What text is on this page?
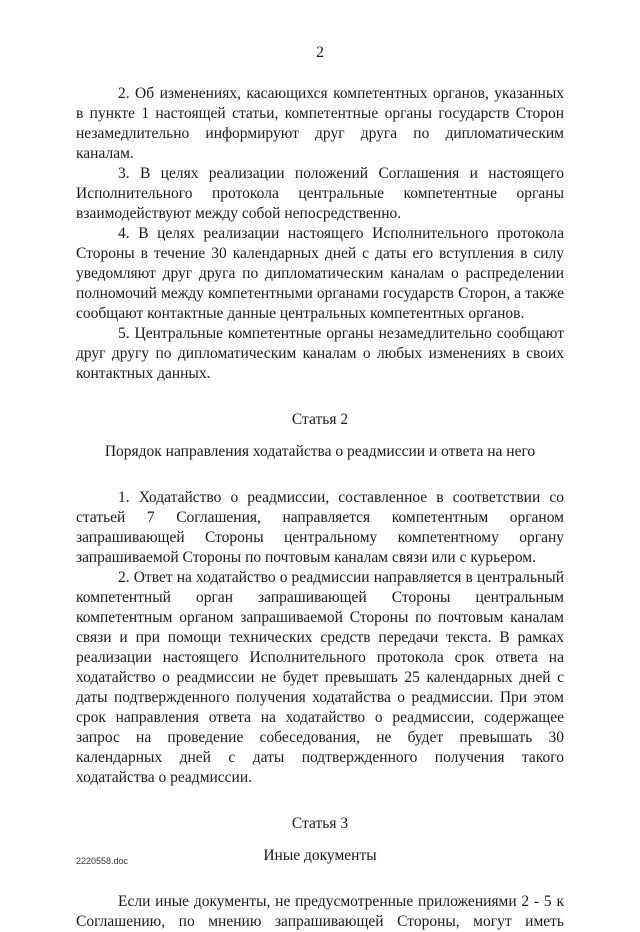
2

2. Об изменениях, касающихся компетентных органов, указанных в пункте 1 настоящей статьи, компетентные органы государств Сторон незамедлительно информируют друг друга по дипломатическим каналам.

3. В целях реализации положений Соглашения и настоящего Исполнительного протокола центральные компетентные органы взаимодействуют между собой непосредственно.

4. В целях реализации настоящего Исполнительного протокола Стороны в течение 30 календарных дней с даты его вступления в силу уведомляют друг друга по дипломатическим каналам о распределении полномочий между компетентными органами государств Сторон, а также сообщают контактные данные центральных компетентных органов.

5. Центральные компетентные органы незамедлительно сообщают друг другу по дипломатическим каналам о любых изменениях в своих контактных данных.

Статья 2

Порядок направления ходатайства о реадмиссии и ответа на него

1. Ходатайство о реадмиссии, составленное в соответствии со статьей 7 Соглашения, направляется компетентным органом запрашивающей Стороны центральному компетентному органу запрашиваемой Стороны по почтовым каналам связи или с курьером.

2. Ответ на ходатайство о реадмиссии направляется в центральный компетентный орган запрашивающей Стороны центральным компетентным органом запрашиваемой Стороны по почтовым каналам связи и при помощи технических средств передачи текста. В рамках реализации настоящего Исполнительного протокола срок ответа на ходатайство о реадмиссии не будет превышать 25 календарных дней с даты подтвержденного получения ходатайства о реадмиссии. При этом срок направления ответа на ходатайство о реадмиссии, содержащее запрос на проведение собеседования, не будет превышать 30 календарных дней с даты подтвержденного получения такого ходатайства о реадмиссии.

Статья 3

Иные документы

Если иные документы, не предусмотренные приложениями 2 - 5 к Соглашению, по мнению запрашивающей Стороны, могут иметь

2220558.doc
